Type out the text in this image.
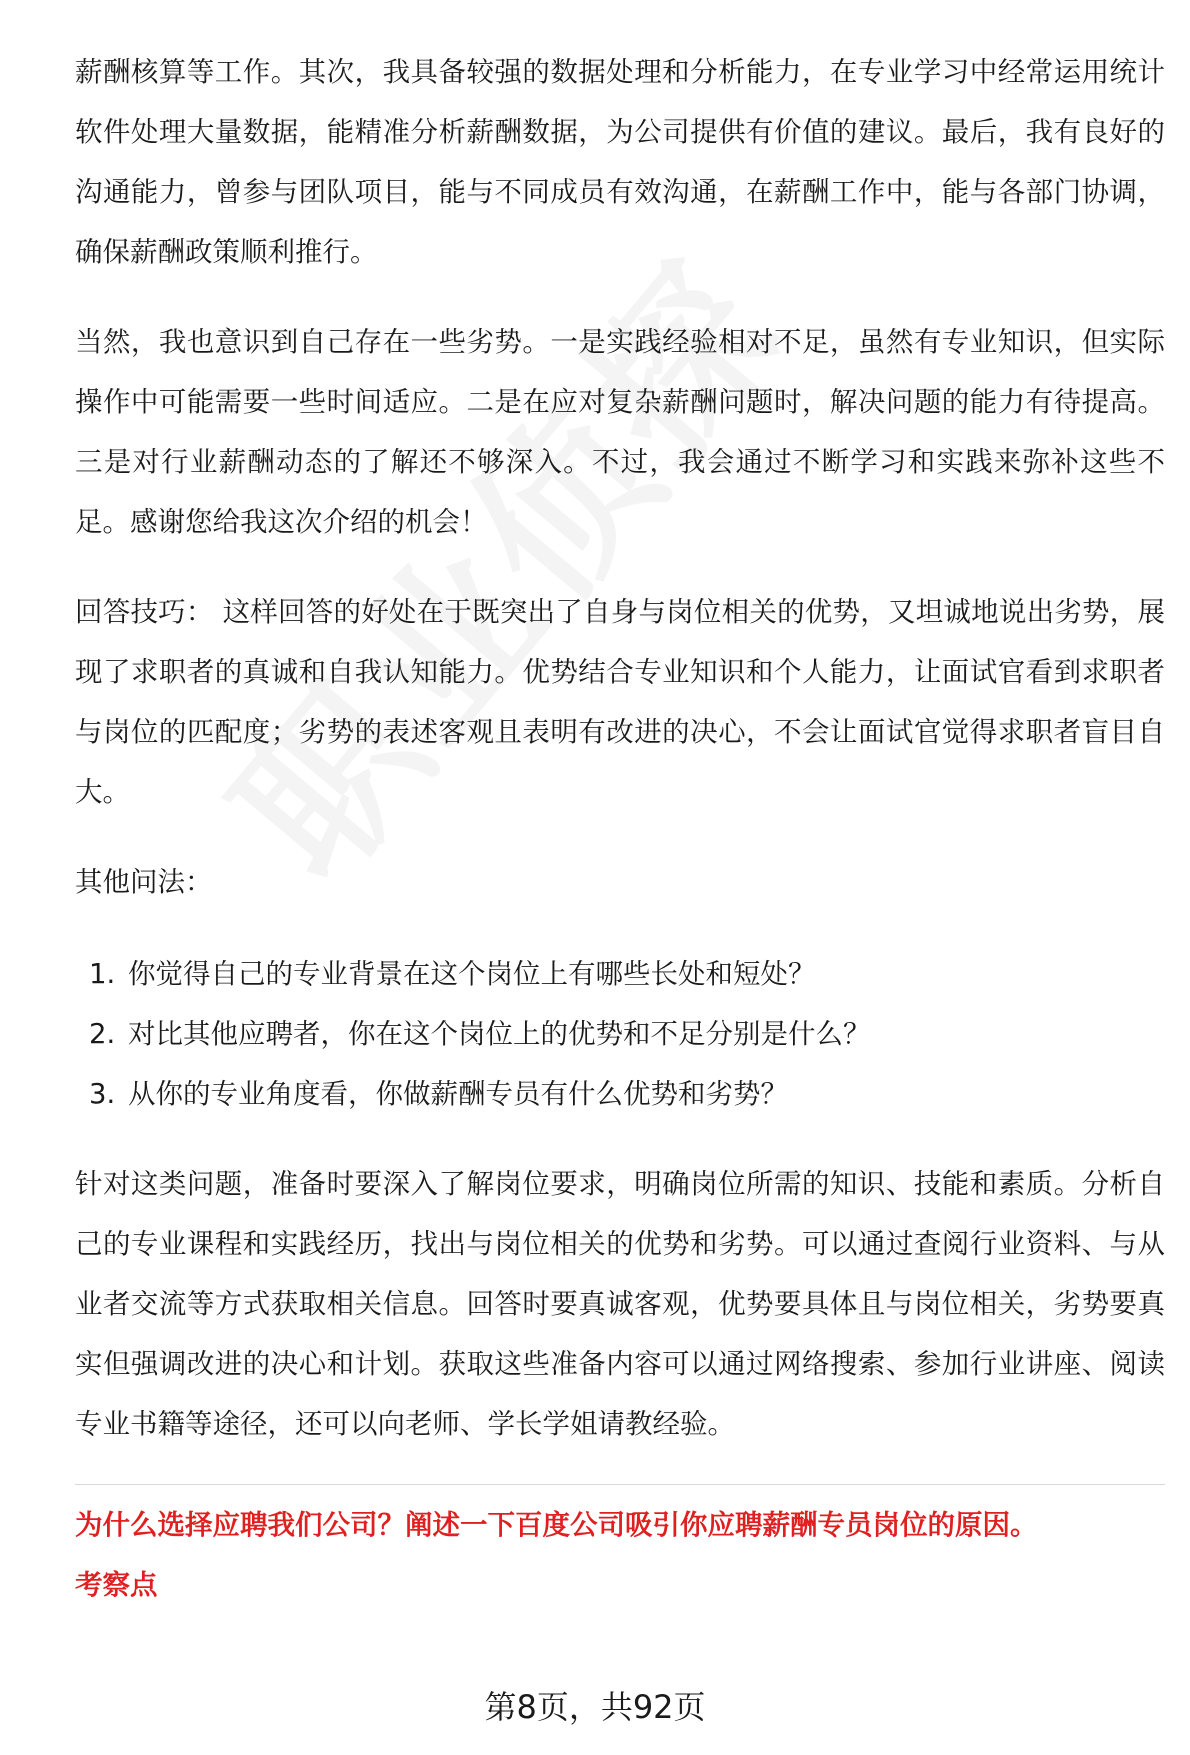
薪酬核算等工作。其次，我具备较强的数据处理和分析能力，在专业学习中经常运用统计软件处理大量数据，能精准分析薪酬数据，为公司提供有价值的建议。最后，我有良好的沟通能力，曾参与团队项目，能与不同成员有效沟通，在薪酬工作中，能与各部门协调，确保薪酬政策顺利推行。

当然，我也意识到自己存在一些劣势。一是实践经验相对不足，虽然有专业知识，但实际操作中可能需要一些时间适应。二是在应对复杂薪酬问题时，解决问题的能力有待提高。三是对行业薪酬动态的了解还不够深入。不过，我会通过不断学习和实践来弥补这些不足。感谢您给我这次介绍的机会！

回答技巧： 这样回答的好处在于既突出了自身与岗位相关的优势，又坦诚地说出劣势，展现了求职者的真诚和自我认知能力。优势结合专业知识和个人能力，让面试官看到求职者与岗位的匹配度；劣势的表述客观且表明有改进的决心，不会让面试官觉得求职者盲目自大。

其他问法：

1. 你觉得自己的专业背景在这个岗位上有哪些长处和短处？
2. 对比其他应聘者，你在这个岗位上的优势和不足分别是什么？
3. 从你的专业角度看，你做薪酬专员有什么优势和劣势？

针对这类问题，准备时要深入了解岗位要求，明确岗位所需的知识、技能和素质。分析自己的专业课程和实践经历，找出与岗位相关的优势和劣势。可以通过查阅行业资料、与从业者交流等方式获取相关信息。回答时要真诚客观，优势要具体且与岗位相关，劣势要真实但强调改进的决心和计划。获取这些准备内容可以通过网络搜索、参加行业讲座、阅读专业书籍等途径，还可以向老师、学长学姐请教经验。

为什么选择应聘我们公司？阐述一下百度公司吸引你应聘薪酬专员岗位的原因。

考察点

第8页，共92页
